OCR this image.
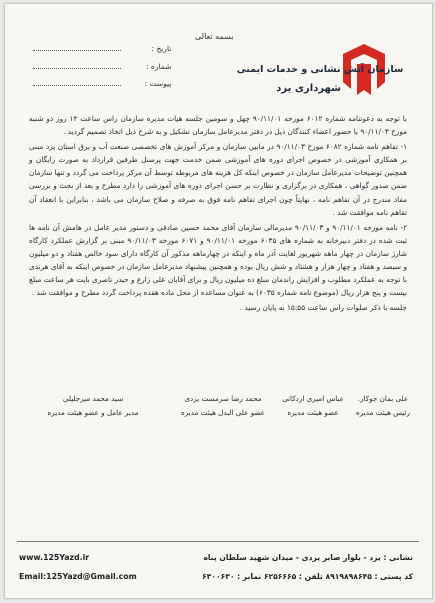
بسمه تعالی
تاریخ :
شماره :
پیوست :
سازمان آتش نشانی و خدمات ایمنی
شهرداری یزد

با توجه به دعوتنامه شماره ۶۰۱۲ مورخه ۹۰/۱۱/۰۱ چهل و سومین جلسه هیات مدیره سازمان راس ساعت ۱۴ روز دو شنبه مورخ ۹۰/۱۱/۰۳ با حضور اعضاء کنندگان ذیل در دفتر مدیرعامل سازمان تشکیل و به شرح ذیل اتخاذ تصمیم گردید .

۱- تفاهم نامه شماره ۶۰۸۲ مورخ ۹۰/۱۱/۰۳ در مابین سازمان و مرکز آموزش های تخصصی صنعت آب و برق استان یزد مبنی بر همکاری آموزشی در خصوص اجرای دوره های آموزشی ضمن خدمت جهت پرسنل طرفین قرارداد به صورت رایگان و همچنین توضیحات مدیرعامل سازمان در خصوص اینکه کل هزینه های مربوطه توسط آن مرکز پرداخت می گردد و تنها سازمان ضمن صدور گواهی ، همکاری در برگزاری و نظارت بر حسن اجرای دوره های آموزشی را دارد مطرح و بعد از بحث و بررسی مفاد مندرج در آن تفاهم نامه ، نهایتاً چون اجرای تفاهم نامه فوق به صرفه و صلاح سازمان می باشد ، بنابراین با انعقاد آن تفاهم نامه موافقت شد .

۲- نامه مورخه ۹۰/۱۱/۰۱ و ۹۰/۱۱/۰۳ مدیرمالی سازمان آقای محمد حسین صادقی و دستور مدیر عامل در هامش آن نامه ها ثبت شده در دفتر دبیرخانه به شماره های ۶۰۳۵ مورخه ۹۰/۱۱/۰۱ و ۶۰۷۱ مورخه ۹۰/۱۱/۰۳ مبنی بر گزارش عملکرد کارگاه شارژ سازمان در چهار ماهه شهریور لغایت آذر ماه و اینکه در چهارماهه مذکور آن کارگاه دارای سود خالص هفتاد و دو میلیون و سیصد و هفتاد و چهار هزار و هشتاد و شش ریال بوده و همچنین پیشنهاد مدیرعامل سازمان در خصوص اینکه به آقای هرندی با توجه به عملکرد مطلوب و افزایش راندمان مبلغ ده میلیون ریال و برای آقایان علی زارع و حیدر ناصری بابت هر ساعت مبلغ بیست و پنج هزار ریال (موضوع نامه شماره ۶۰۳۵) به عنوان مساعده از محل ماده هفده پرداخت گردد مطرح و موافقت شد .

جلسه با ذکر صلوات راس ساعت ۱۵:۵۵ به پایان رسید .

علی بمان جوکار.
رئیس هیئت مدیره
عباس امیری اردکانی
عضو هیئت مدیره
محمد رضا سرمست یزدی
عضو علی البدل هیئت مدیره
سید محمد میرجلیلی
مدیر عامل و عضو هیئت مدیره
نشانی : یزد - بلوار صابر یزدی - میدان شهید سلطان پناه
کد پستی : ۸۹۱۹۸۹۸۶۴۵ تلفن : ۶۲۵۶۶۶۵ نمابر : ۶۳۰۰۶۳۰
www.125Yazd.ir
Email:125Yazd@Gmail.com
